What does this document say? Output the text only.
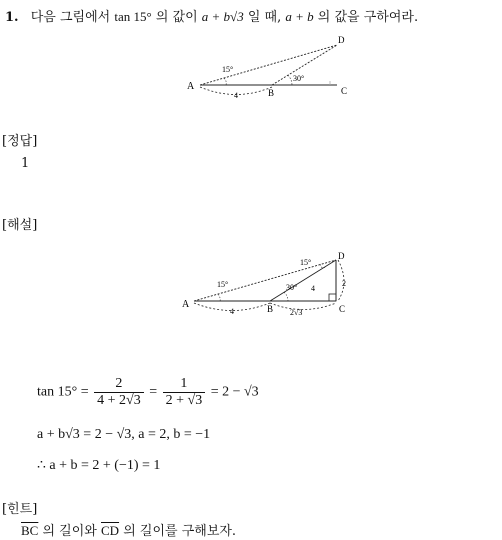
1. 다음 그림에서 tan 15° 의 값이 a + b√3 일 때, a + b 의 값을 구하여라.
A
B	C
D
15°
30°
4
[정답]
1
[해설]
A	B	C
D
15°
15°
30°
4
4
2√3
2
$\tan 15^\circ = \frac{2}{4 + 2√3} = \frac{1}{2 + √3} = 2 - √3$
a + b√3 = 2 − √3, a = 2, b = −1
∴ a + b = 2 + (−1) = 1
[힌트]
$\overline{BC}$ 의 길이와 $\overline{CD}$ 의 길이를 구해보자.
